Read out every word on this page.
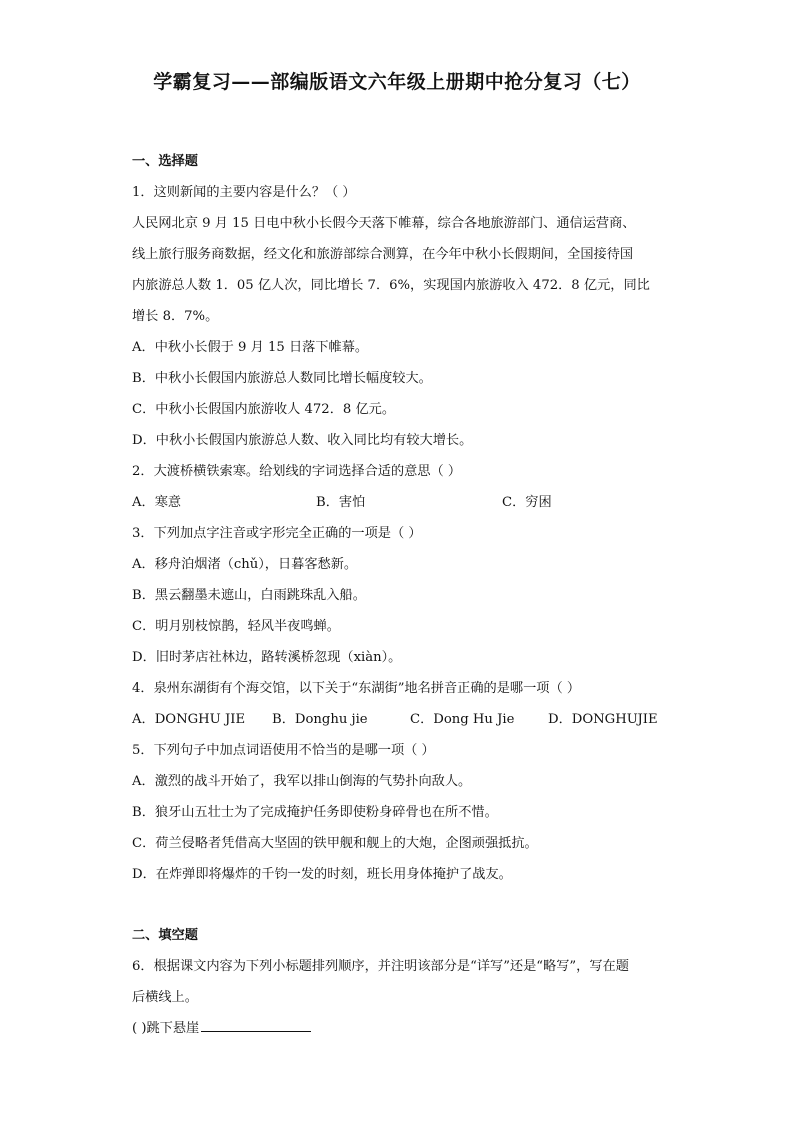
学霸复习——部编版语文六年级上册期中抢分复习（七）
一、选择题
1．这则新闻的主要内容是什么？（ ）
人民网北京 9 月 15 日电中秋小长假今天落下帷幕，综合各地旅游部门、通信运营商、
线上旅行服务商数据，经文化和旅游部综合测算，在今年中秋小长假期间，全国接待国
内旅游总人数 1．05 亿人次，同比增长 7．6%，实现国内旅游收入 472．8 亿元，同比
增长 8．7%。
A．中秋小长假于 9 月 15 日落下帷幕。
B．中秋小长假国内旅游总人数同比增长幅度较大。
C．中秋小长假国内旅游收人 472．8 亿元。
D．中秋小长假国内旅游总人数、收入同比均有较大增长。
2．大渡桥横铁索寒。给划线的字词选择合适的意思（ ）
A．寒意	B．害怕	C．穷困
3．下列加点字注音或字形完全正确的一项是（ ）
A．移舟泊烟渚（chǔ），日暮客愁新。
B．黑云翻墨未遮山，白雨跳珠乱入船。
C．明月别枝惊鹊，轻风半夜鸣蝉。
D．旧时茅店社林边，路转溪桥忽现（xiàn）。
4．泉州东湖街有个海交馆，以下关于“东湖街”地名拼音正确的是哪一项（ ）
A．DONGHU JIE	B．Donghu jie	C．Dong Hu Jie	D．DONGHUJIE
5．下列句子中加点词语使用不恰当的是哪一项（ ）
A．激烈的战斗开始了，我军以排山倒海的气势扑向敌人。
B．狼牙山五壮士为了完成掩护任务即使粉身碎骨也在所不惜。
C．荷兰侵略者凭借高大坚固的铁甲舰和舰上的大炮，企图顽强抵抗。
D．在炸弹即将爆炸的千钧一发的时刻，班长用身体掩护了战友。
二、填空题
6．根据课文内容为下列小标题排列顺序，并注明该部分是“详写”还是“略写”，写在题
后横线上。
( )跳下悬崖
